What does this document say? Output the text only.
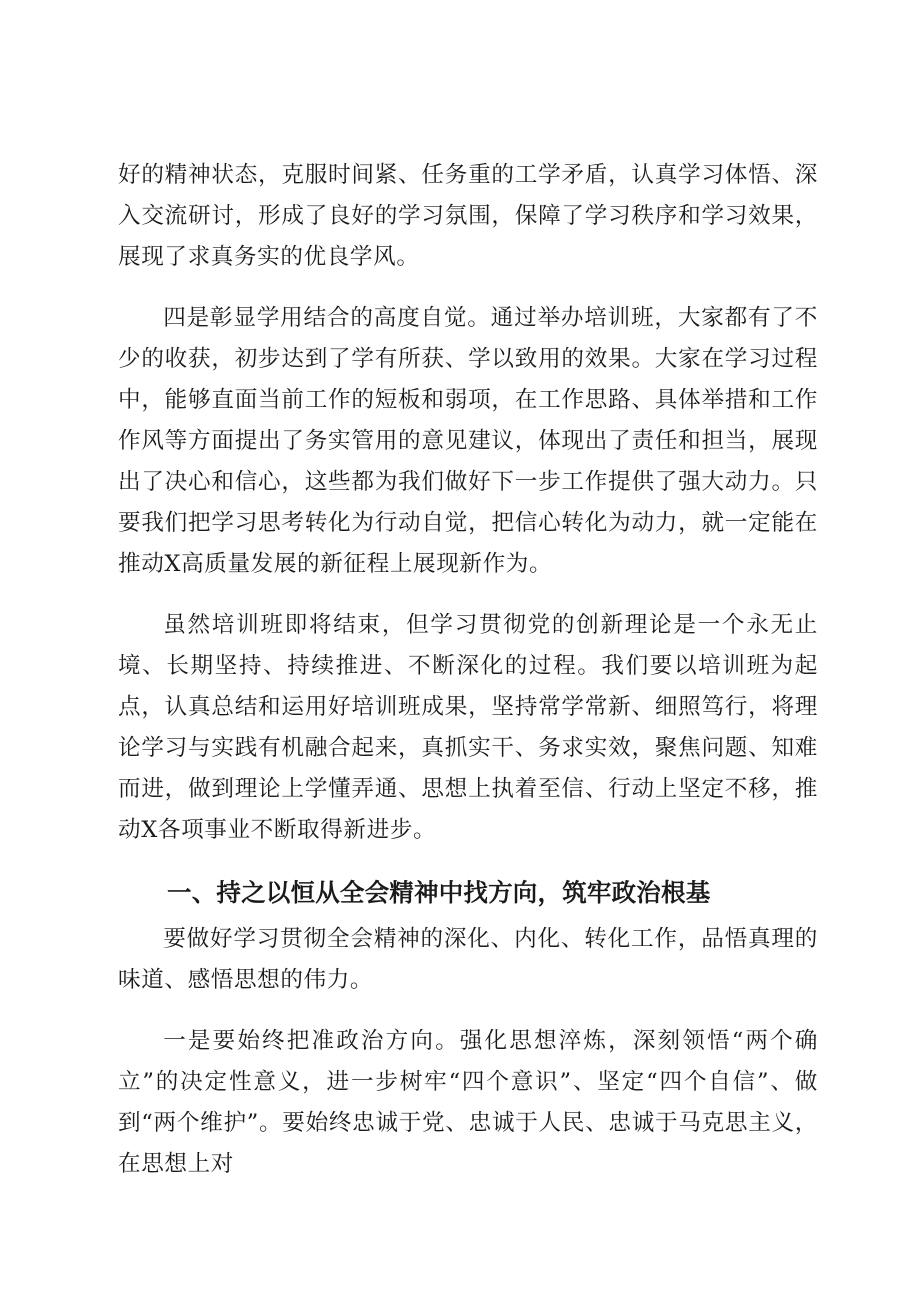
好的精神状态，克服时间紧、任务重的工学矛盾，认真学习体悟、深入交流研讨，形成了良好的学习氛围，保障了学习秩序和学习效果，展现了求真务实的优良学风。

四是彰显学用结合的高度自觉。通过举办培训班，大家都有了不少的收获，初步达到了学有所获、学以致用的效果。大家在学习过程中，能够直面当前工作的短板和弱项，在工作思路、具体举措和工作作风等方面提出了务实管用的意见建议，体现出了责任和担当，展现出了决心和信心，这些都为我们做好下一步工作提供了强大动力。只要我们把学习思考转化为行动自觉，把信心转化为动力，就一定能在推动X高质量发展的新征程上展现新作为。

虽然培训班即将结束，但学习贯彻党的创新理论是一个永无止境、长期坚持、持续推进、不断深化的过程。我们要以培训班为起点，认真总结和运用好培训班成果，坚持常学常新、细照笃行，将理论学习与实践有机融合起来，真抓实干、务求实效，聚焦问题、知难而进，做到理论上学懂弄通、思想上执着至信、行动上坚定不移，推动X各项事业不断取得新进步。

一、持之以恒从全会精神中找方向，筑牢政治根基

要做好学习贯彻全会精神的深化、内化、转化工作，品悟真理的味道、感悟思想的伟力。

一是要始终把准政治方向。强化思想淬炼，深刻领悟“两个确立”的决定性意义，进一步树牢“四个意识”、坚定“四个自信”、做到“两个维护”。要始终忠诚于党、忠诚于人民、忠诚于马克思主义，在思想上对
